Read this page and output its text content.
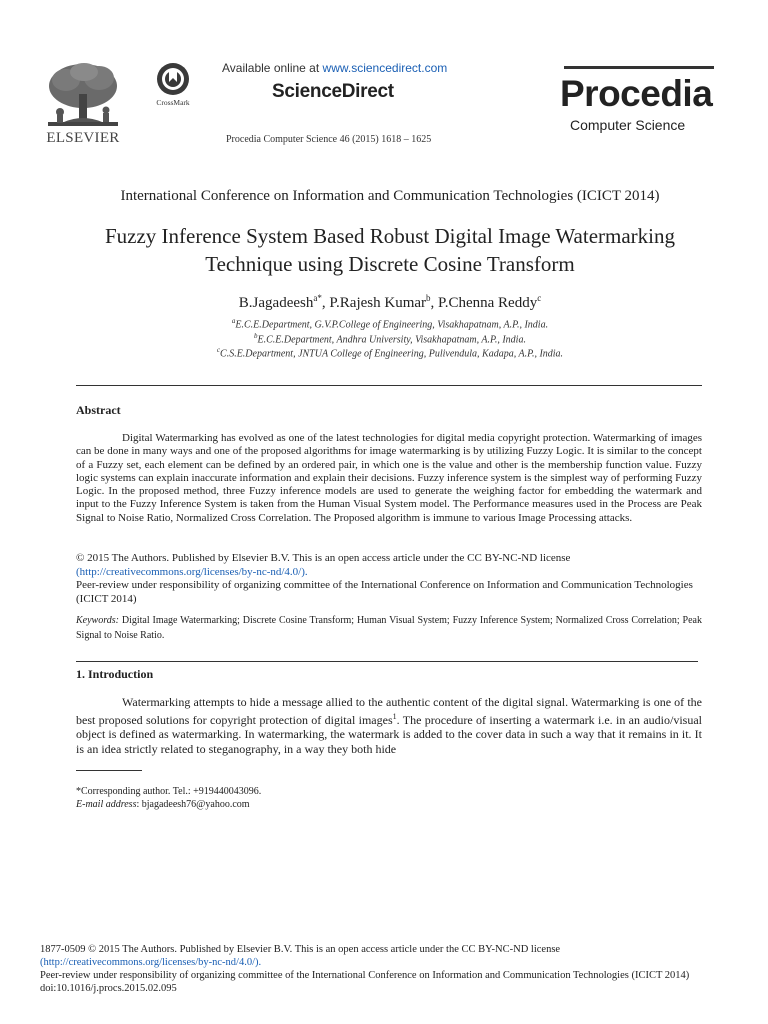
ELSEVIER
CrossMark
Available online at www.sciencedirect.com
ScienceDirect
Procedia Computer Science 46 (2015) 1618 – 1625
Procedia
Computer Science
International Conference on Information and Communication Technologies (ICICT 2014)
Fuzzy Inference System Based Robust Digital Image Watermarking
Technique using Discrete Cosine Transform
B.Jagadeesh$^{a*}$, P.Rajesh Kumar$^b$, P.Chenna Reddy$^c$
$^a$E.C.E.Department, G.V.P.College of Engineering, Visakhapatnam, A.P., India.
$^b$E.C.E.Department, Andhra University, Visakhapatnam, A.P., India.
$^c$C.S.E.Department, JNTUA College of Engineering, Pulivendula, Kadapa, A.P., India.
Abstract
Digital Watermarking has evolved as one of the latest technologies for digital media copyright protection. Watermarking of images can be done in many ways and one of the proposed algorithms for image watermarking is by utilizing Fuzzy Logic. It is similar to the concept of a Fuzzy set, each element can be defined by an ordered pair, in which one is the value and other is the membership function value. Fuzzy logic systems can explain inaccurate information and explain their decisions. Fuzzy inference system is the simplest way of performing Fuzzy Logic. In the proposed method, three Fuzzy inference models are used to generate the weighing factor for embedding the watermark and input to the Fuzzy Inference System is taken from the Human Visual System model. The Performance measures used in the Process are Peak Signal to Noise Ratio, Normalized Cross Correlation. The Proposed algorithm is immune to various Image Processing attacks.
© 2015 The Authors. Published by Elsevier B.V. This is an open access article under the CC BY-NC-ND license
(http://creativecommons.org/licenses/by-nc-nd/4.0/).
Peer-review under responsibility of organizing committee of the International Conference on Information and Communication Technologies (ICICT 2014)
Keywords: Digital Image Watermarking; Discrete Cosine Transform; Human Visual System; Fuzzy Inference System; Normalized Cross Correlation; Peak Signal to Noise Ratio.
1. Introduction
Watermarking attempts to hide a message allied to the authentic content of the digital signal. Watermarking is one of the best proposed solutions for copyright protection of digital images$^1$. The procedure of inserting a watermark i.e. in an audio/visual object is defined as watermarking. In watermarking, the watermark is added to the cover data in such a way that it remains in it. It is an idea strictly related to steganography, in a way they both hide
*Corresponding author. Tel.: +919440043096.
E-mail address: bjagadeesh76@yahoo.com
1877-0509 © 2015 The Authors. Published by Elsevier B.V. This is an open access article under the CC BY-NC-ND license
(http://creativecommons.org/licenses/by-nc-nd/4.0/).
Peer-review under responsibility of organizing committee of the International Conference on Information and Communication Technologies (ICICT 2014)
doi:10.1016/j.procs.2015.02.095
